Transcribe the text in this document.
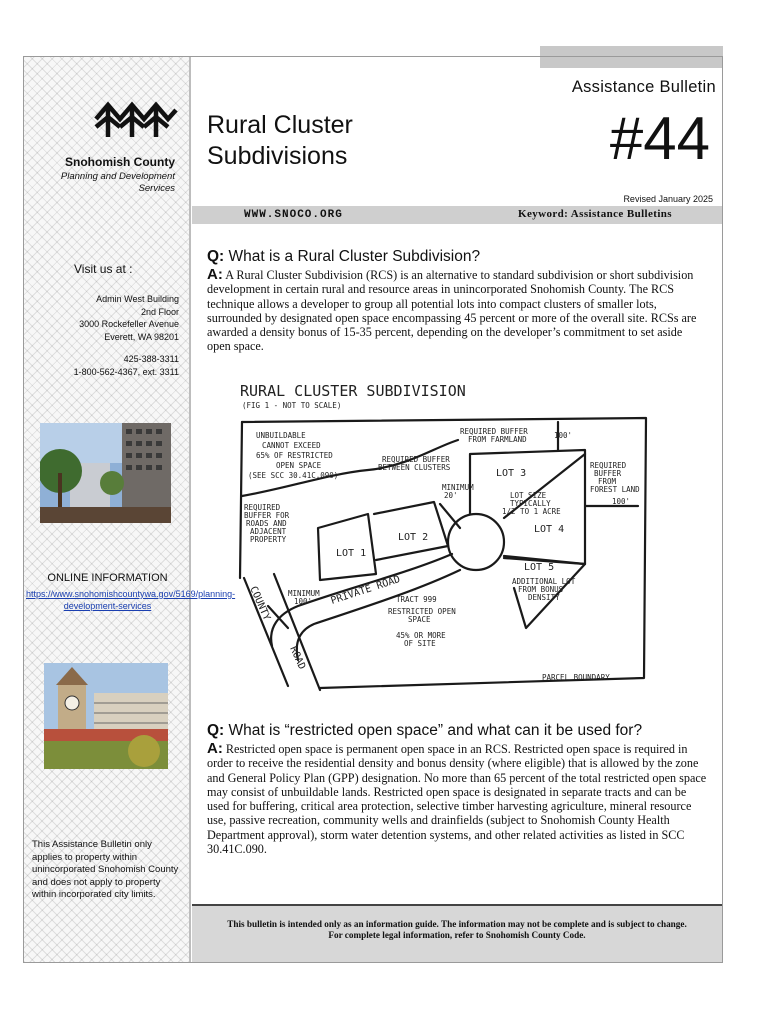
Snohomish County
Planning and Development Services
Visit us at :
Admin West Building
2nd Floor
3000 Rockefeller Avenue
Everett, WA 98201
425-388-3311
1-800-562-4367, ext. 3311
ONLINE INFORMATION
https://www.snohomishcountywa.gov/5169/planning-development-services
This Assistance Bulletin only applies to property within unincorporated Snohomish County and does not apply to property within incorporated city limits.
Rural Cluster
Subdivisions
Assistance Bulletin
#44
Revised January 2025
WWW.SNOCO.ORG	Keyword: Assistance Bulletins
Q: What is a Rural Cluster Subdivision?
A: A Rural Cluster Subdivision (RCS) is an alternative to standard subdivision or short subdivision development in certain rural and resource areas in unincorporated Snohomish County. The RCS technique allows a developer to group all potential lots into compact clusters of smaller lots, surrounded by designated open space encompassing 45 percent or more of the overall site. RCSs are awarded a density bonus of 15-35 percent, depending on the developer’s commitment to set aside open space.
RURAL CLUSTER SUBDIVISION
(FIG 1 - NOT TO SCALE)
UNBUILDABLE
CANNOT EXCEED
65% OF RESTRICTED
OPEN SPACE
(SEE SCC 30.41C.090)
REQUIRED BUFFER
FROM FARMLAND	100'
REQUIRED BUFFER
BETWEEN CLUSTERS	REQUIRED
BUFFER
FROM
FOREST LAND
100'
REQUIRED
BUFFER FOR
ROADS AND
ADJACENT
PROPERTY
MINIMUM
20'
MINIMUM
100'
LOT SIZE
TYPICALLY
1/2 TO 1 ACRE
ADDITIONAL LOT
FROM BONUS
DENSITY
TRACT 999
RESTRICTED OPEN
SPACE
45% OR MORE
OF SITE
PARCEL BOUNDARY
LOT 1
LOT 2
LOT 3
LOT 4
LOT 5
PRIVATE ROAD
COUNTY
ROAD
Q: What is “restricted open space” and what can it be used for?
A: Restricted open space is permanent open space in an RCS. Restricted open space is required in order to receive the residential density and bonus density (where eligible) that is allowed by the zone and General Policy Plan (GPP) designation. No more than 65 percent of the total restricted open space may consist of unbuildable lands. Restricted open space is designated in separate tracts and can be used for buffering, critical area protection, selective timber harvesting agriculture, mineral resource use, passive recreation, community wells and drainfields (subject to Snohomish County Health Department approval), storm water detention systems, and other related activities as listed in SCC 30.41C.090.
This bulletin is intended only as an information guide. The information may not be complete and is subject to change.
For complete legal information, refer to Snohomish County Code.
